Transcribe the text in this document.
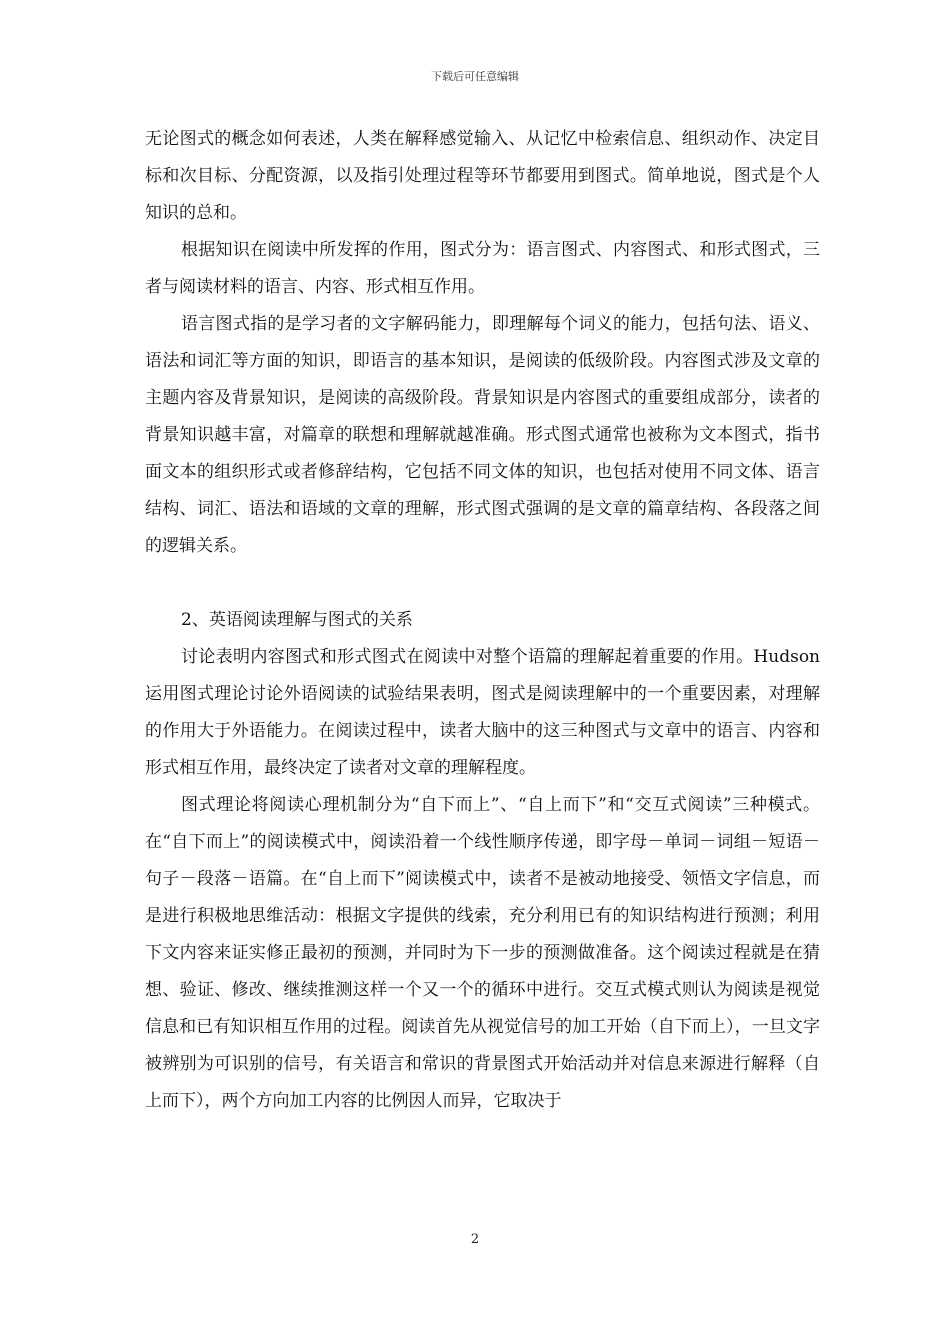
下载后可任意编辑

无论图式的概念如何表述，人类在解释感觉输入、从记忆中检索信息、组织动作、决定目标和次目标、分配资源，以及指引处理过程等环节都要用到图式。简单地说，图式是个人知识的总和。

根据知识在阅读中所发挥的作用，图式分为：语言图式、内容图式、和形式图式，三者与阅读材料的语言、内容、形式相互作用。

语言图式指的是学习者的文字解码能力，即理解每个词义的能力，包括句法、语义、语法和词汇等方面的知识，即语言的基本知识，是阅读的低级阶段。内容图式涉及文章的主题内容及背景知识，是阅读的高级阶段。背景知识是内容图式的重要组成部分，读者的背景知识越丰富，对篇章的联想和理解就越准确。形式图式通常也被称为文本图式，指书面文本的组织形式或者修辞结构，它包括不同文体的知识，也包括对使用不同文体、语言结构、词汇、语法和语域的文章的理解，形式图式强调的是文章的篇章结构、各段落之间的逻辑关系。

2、英语阅读理解与图式的关系

讨论表明内容图式和形式图式在阅读中对整个语篇的理解起着重要的作用。Hudson运用图式理论讨论外语阅读的试验结果表明，图式是阅读理解中的一个重要因素，对理解的作用大于外语能力。在阅读过程中，读者大脑中的这三种图式与文章中的语言、内容和形式相互作用，最终决定了读者对文章的理解程度。

图式理论将阅读心理机制分为“自下而上”、“自上而下”和“交互式阅读”三种模式。在“自下而上”的阅读模式中，阅读沿着一个线性顺序传递，即字母－单词－词组－短语－句子－段落－语篇。在“自上而下”阅读模式中，读者不是被动地接受、领悟文字信息，而是进行积极地思维活动：根据文字提供的线索，充分利用已有的知识结构进行预测；利用下文内容来证实修正最初的预测，并同时为下一步的预测做准备。这个阅读过程就是在猜想、验证、修改、继续推测这样一个又一个的循环中进行。交互式模式则认为阅读是视觉信息和已有知识相互作用的过程。阅读首先从视觉信号的加工开始（自下而上），一旦文字被辨别为可识别的信号，有关语言和常识的背景图式开始活动并对信息来源进行解释（自上而下），两个方向加工内容的比例因人而异，它取决于

2
